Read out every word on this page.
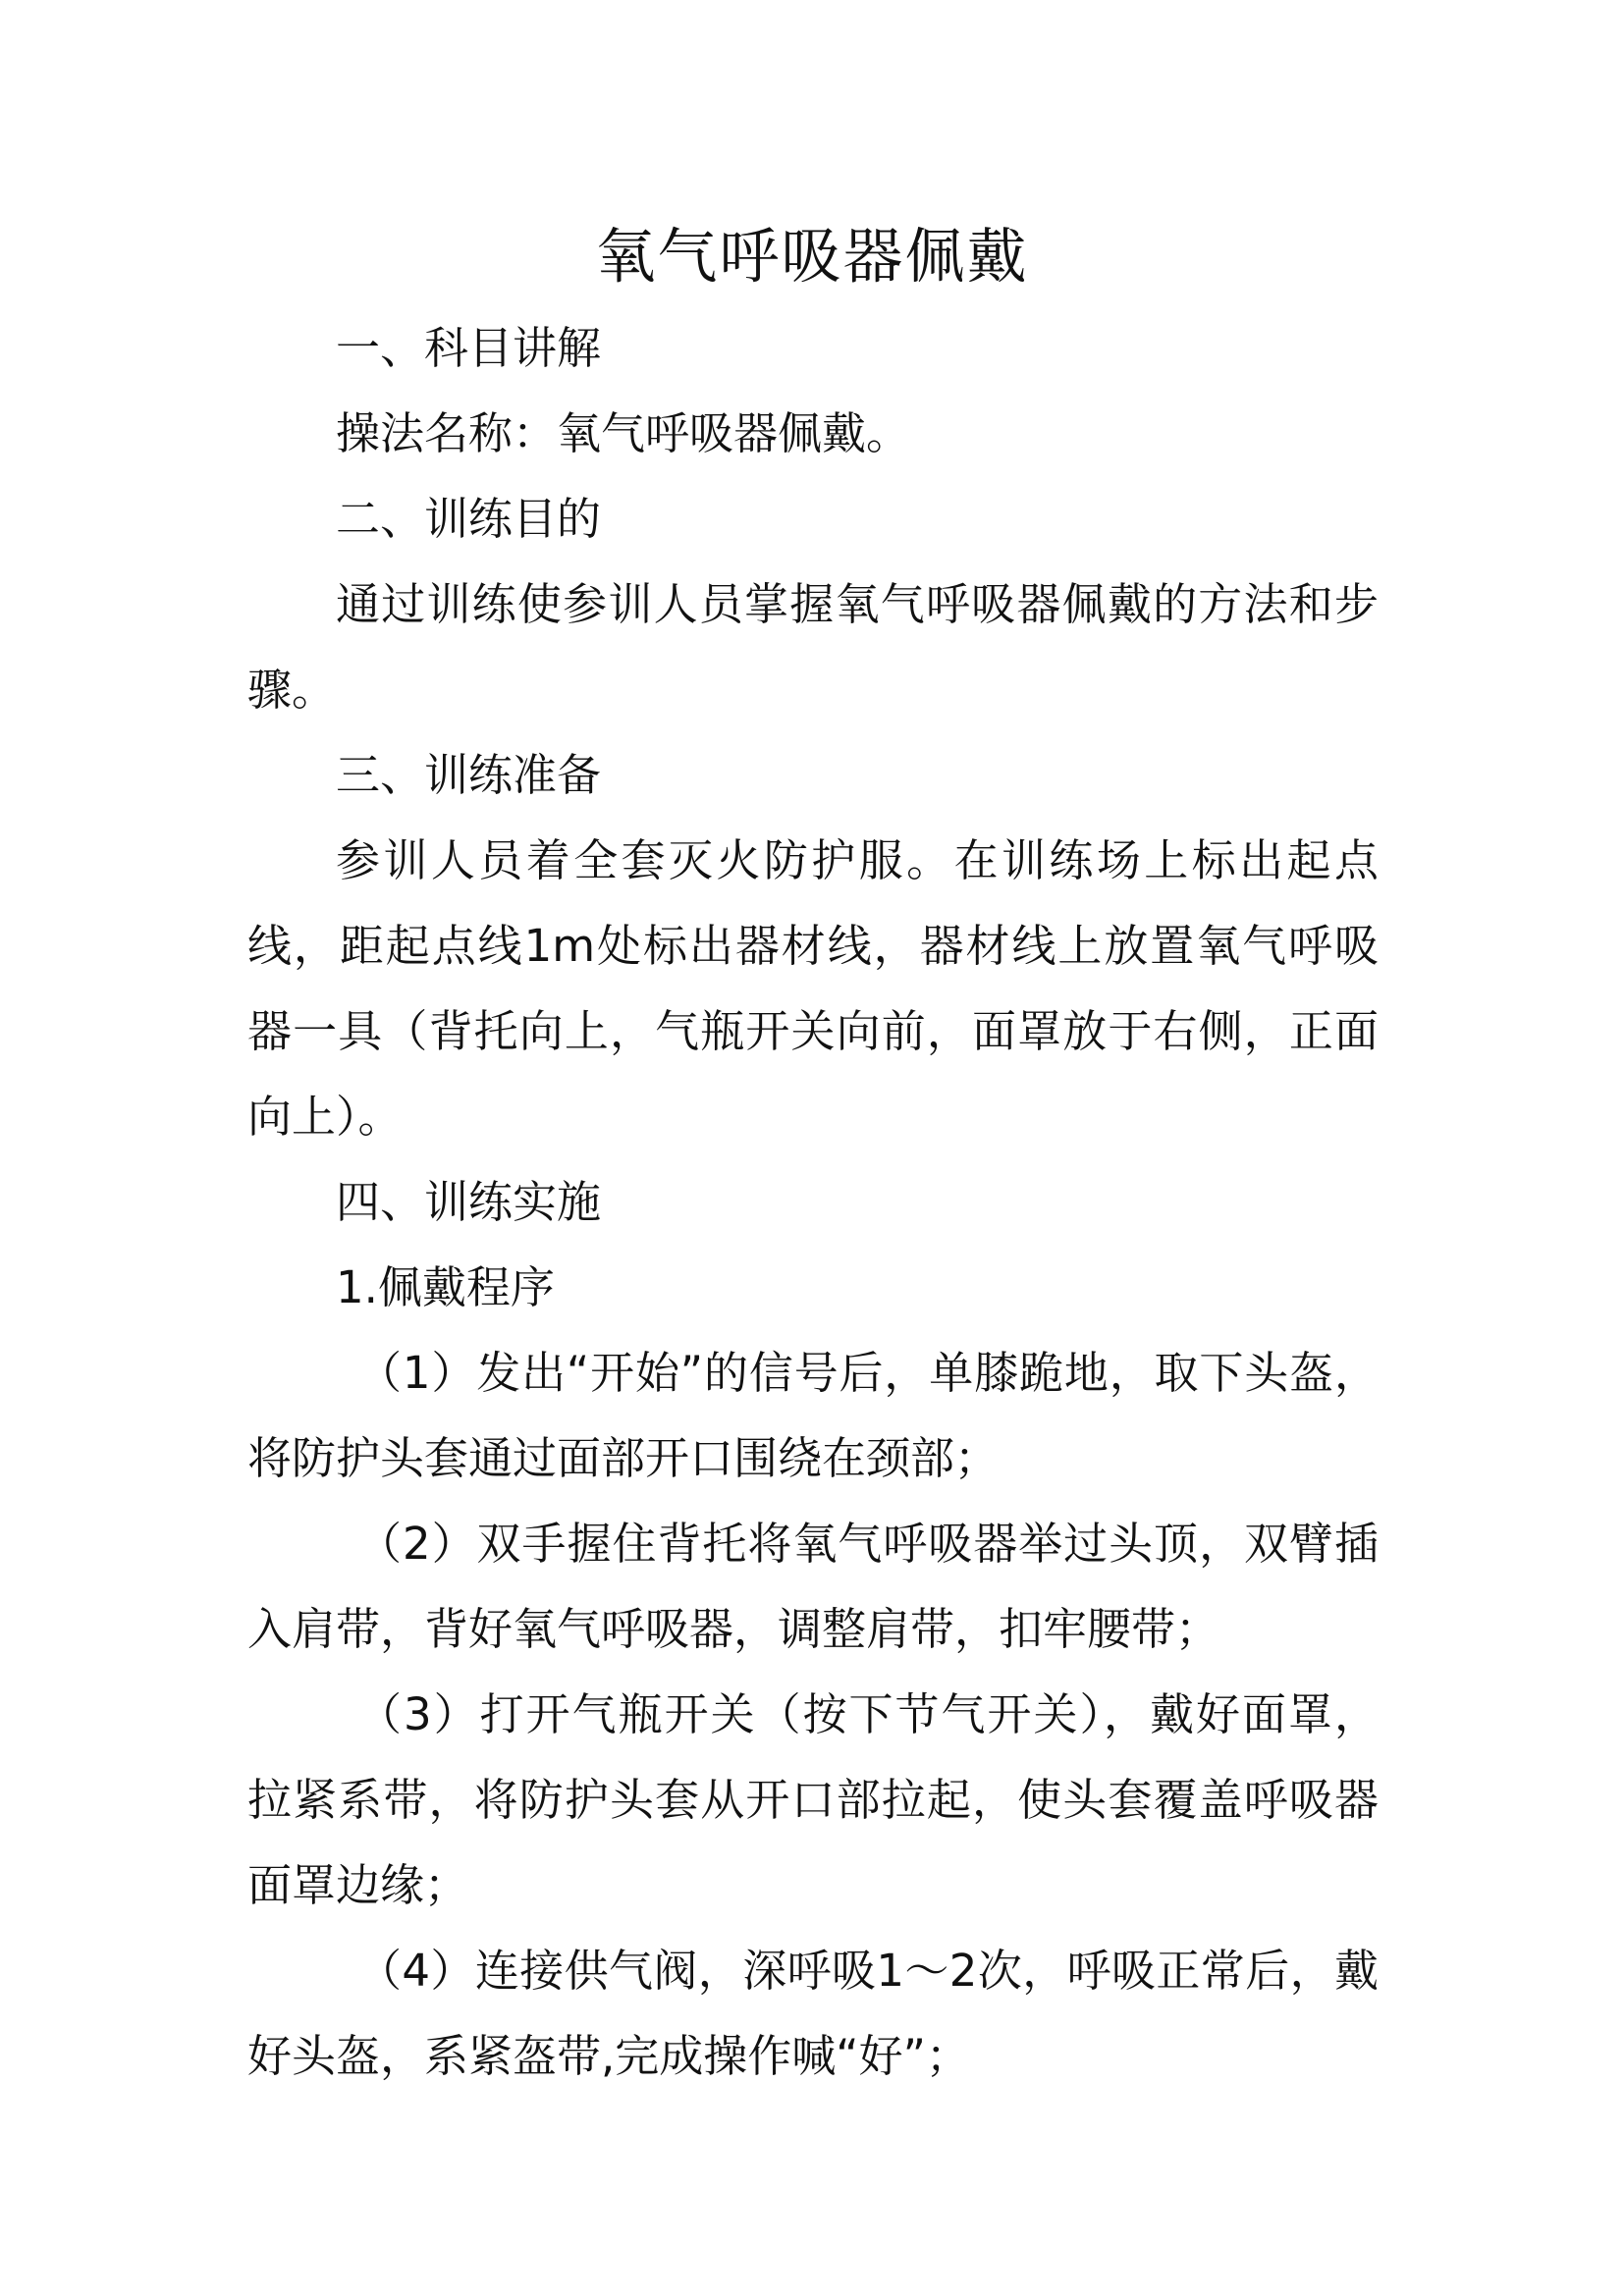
氧气呼吸器佩戴

一、科目讲解

操法名称：氧气呼吸器佩戴。

二、训练目的

通过训练使参训人员掌握氧气呼吸器佩戴的方法和步骤。

三、训练准备

参训人员着全套灭火防护服。在训练场上标出起点线，距起点线1m处标出器材线，器材线上放置氧气呼吸器一具（背托向上，气瓶开关向前，面罩放于右侧，正面向上）。

四、训练实施

1.佩戴程序

（1）发出“开始”的信号后，单膝跪地，取下头盔，将防护头套通过面部开口围绕在颈部；

（2）双手握住背托将氧气呼吸器举过头顶，双臂插入肩带，背好氧气呼吸器，调整肩带，扣牢腰带；

（3）打开气瓶开关（按下节气开关），戴好面罩，拉紧系带，将防护头套从开口部拉起，使头套覆盖呼吸器面罩边缘；

（4）连接供气阀，深呼吸1～2次，呼吸正常后，戴好头盔，系紧盔带,完成操作喊“好”；
